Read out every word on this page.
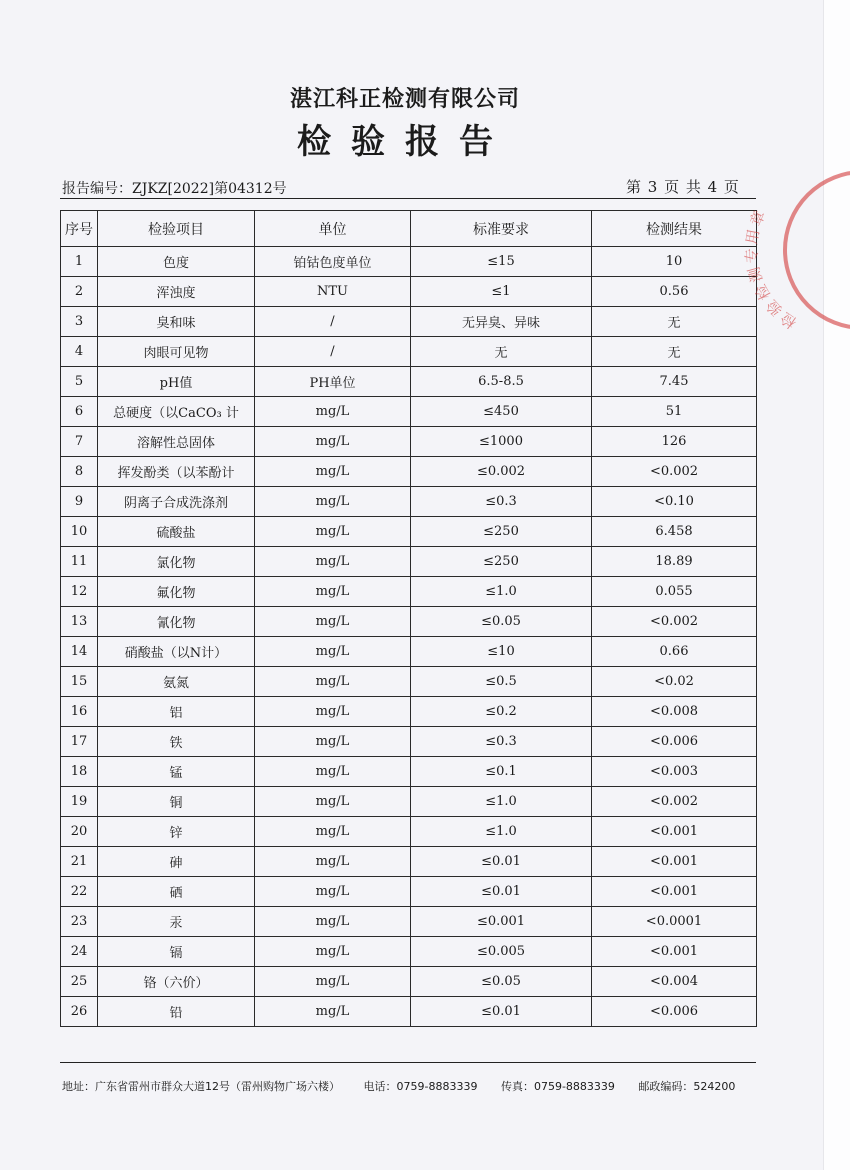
湛江科正检测有限公司
检验报告
报告编号：ZJKZ[2022]第04312号	第 3 页 共 4 页
序号	检验项目	单位	标准要求	检测结果
1	色度	铂钴色度单位	≤15	10
2	浑浊度	NTU	≤1	0.56
3	臭和味	/	无异臭、异味	无
4	肉眼可见物	/	无	无
5	pH值	PH单位	6.5-8.5	7.45
6	总硬度（以CaCO₃ 计	mg/L	≤450	51
7	溶解性总固体	mg/L	≤1000	126
8	挥发酚类（以苯酚计	mg/L	≤0.002	<0.002
9	阴离子合成洗涤剂	mg/L	≤0.3	<0.10
10	硫酸盐	mg/L	≤250	6.458
11	氯化物	mg/L	≤250	18.89
12	氟化物	mg/L	≤1.0	0.055
13	氰化物	mg/L	≤0.05	<0.002
14	硝酸盐（以N计）	mg/L	≤10	0.66
15	氨氮	mg/L	≤0.5	<0.02
16	铝	mg/L	≤0.2	<0.008
17	铁	mg/L	≤0.3	<0.006
18	锰	mg/L	≤0.1	<0.003
19	铜	mg/L	≤1.0	<0.002
20	锌	mg/L	≤1.0	<0.001
21	砷	mg/L	≤0.01	<0.001
22	硒	mg/L	≤0.01	<0.001
23	汞	mg/L	≤0.001	<0.0001
24	镉	mg/L	≤0.005	<0.001
25	铬（六价）	mg/L	≤0.05	<0.004
26	铅	mg/L	≤0.01	<0.006
地址：广东省雷州市群众大道12号（雷州购物广场六楼） 电话：0759-8883339 传真：0759-8883339 邮政编码：524200
检验检测专用章
